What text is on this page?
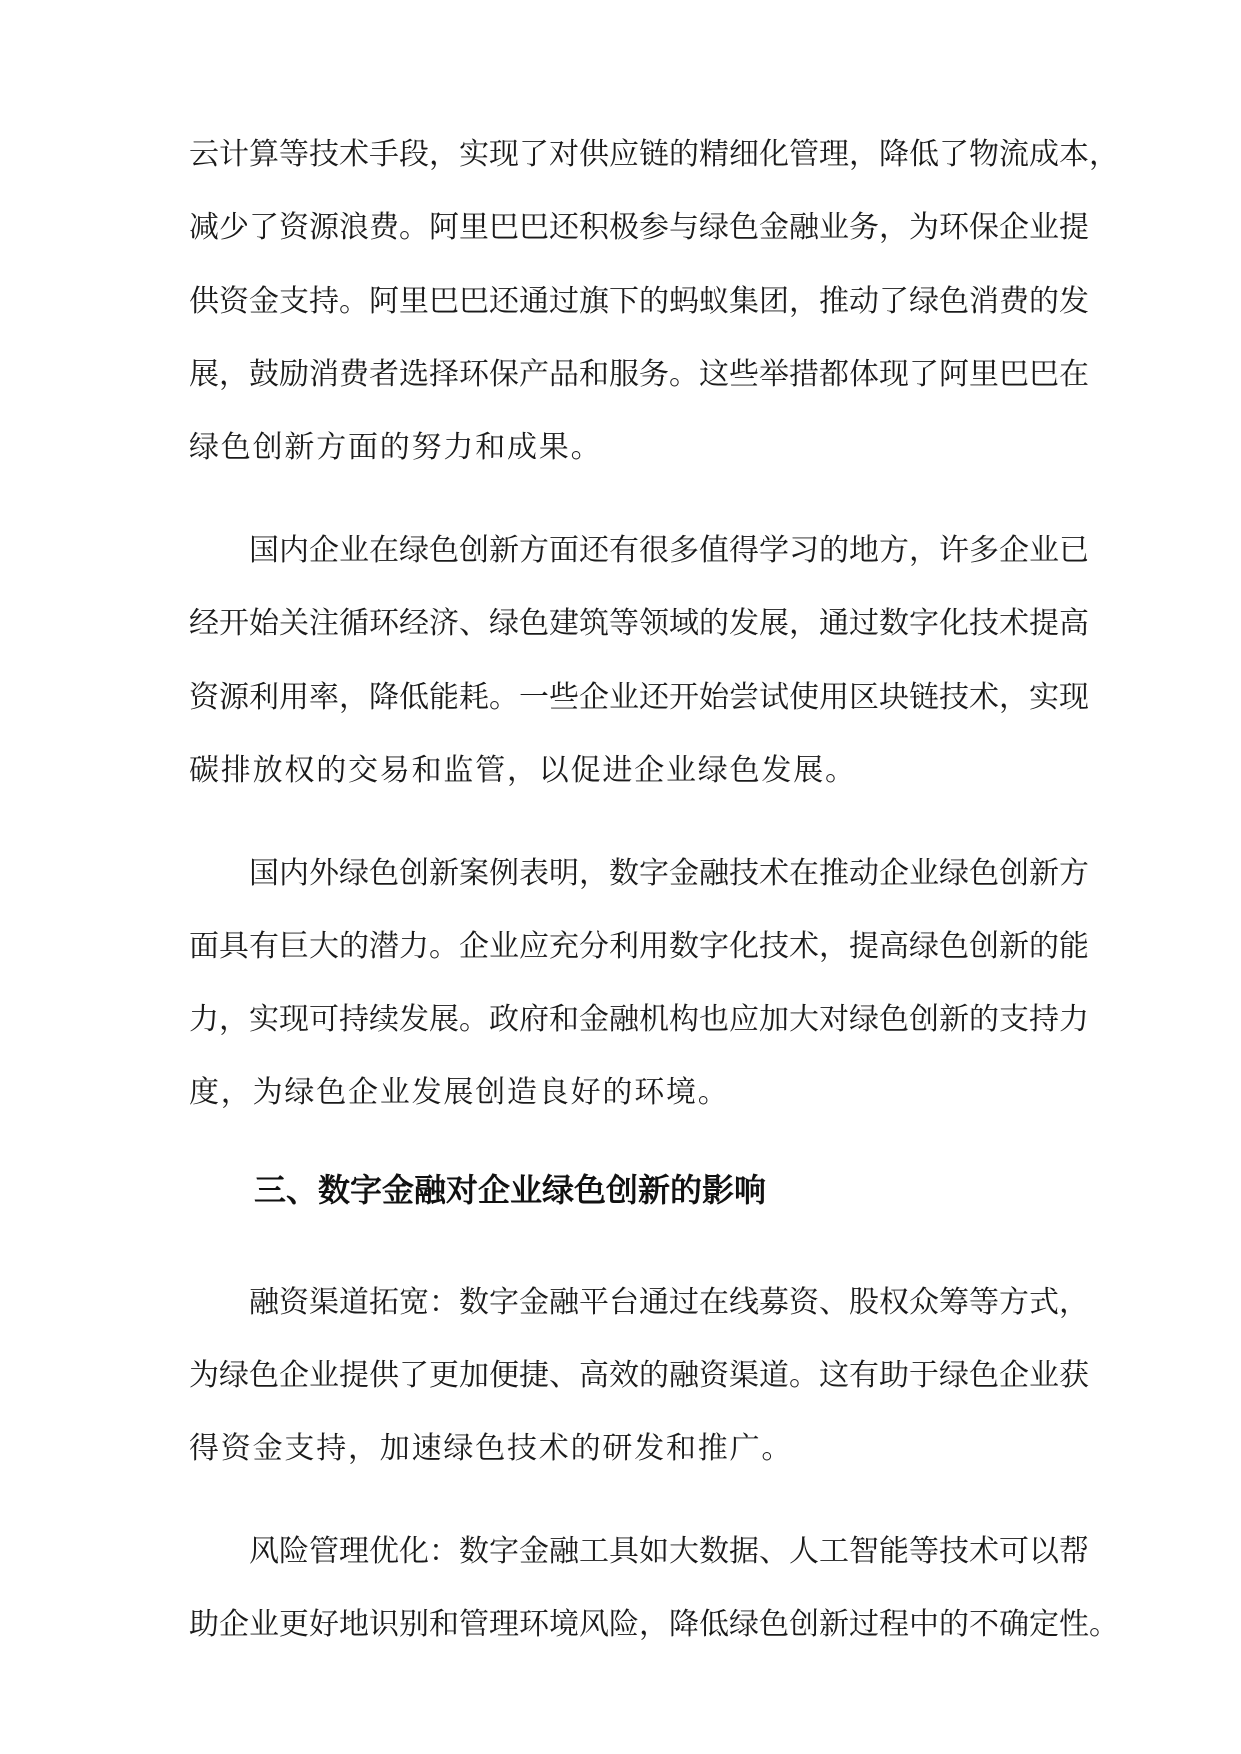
云计算等技术手段，实现了对供应链的精细化管理，降低了物流成本，
减少了资源浪费。阿里巴巴还积极参与绿色金融业务，为环保企业提
供资金支持。阿里巴巴还通过旗下的蚂蚁集团，推动了绿色消费的发
展，鼓励消费者选择环保产品和服务。这些举措都体现了阿里巴巴在
绿色创新方面的努力和成果。
国内企业在绿色创新方面还有很多值得学习的地方，许多企业已
经开始关注循环经济、绿色建筑等领域的发展，通过数字化技术提高
资源利用率，降低能耗。一些企业还开始尝试使用区块链技术，实现
碳排放权的交易和监管，以促进企业绿色发展。
国内外绿色创新案例表明，数字金融技术在推动企业绿色创新方
面具有巨大的潜力。企业应充分利用数字化技术，提高绿色创新的能
力，实现可持续发展。政府和金融机构也应加大对绿色创新的支持力
度，为绿色企业发展创造良好的环境。
三、数字金融对企业绿色创新的影响
融资渠道拓宽：数字金融平台通过在线募资、股权众筹等方式，
为绿色企业提供了更加便捷、高效的融资渠道。这有助于绿色企业获
得资金支持，加速绿色技术的研发和推广。
风险管理优化：数字金融工具如大数据、人工智能等技术可以帮
助企业更好地识别和管理环境风险，降低绿色创新过程中的不确定性。
